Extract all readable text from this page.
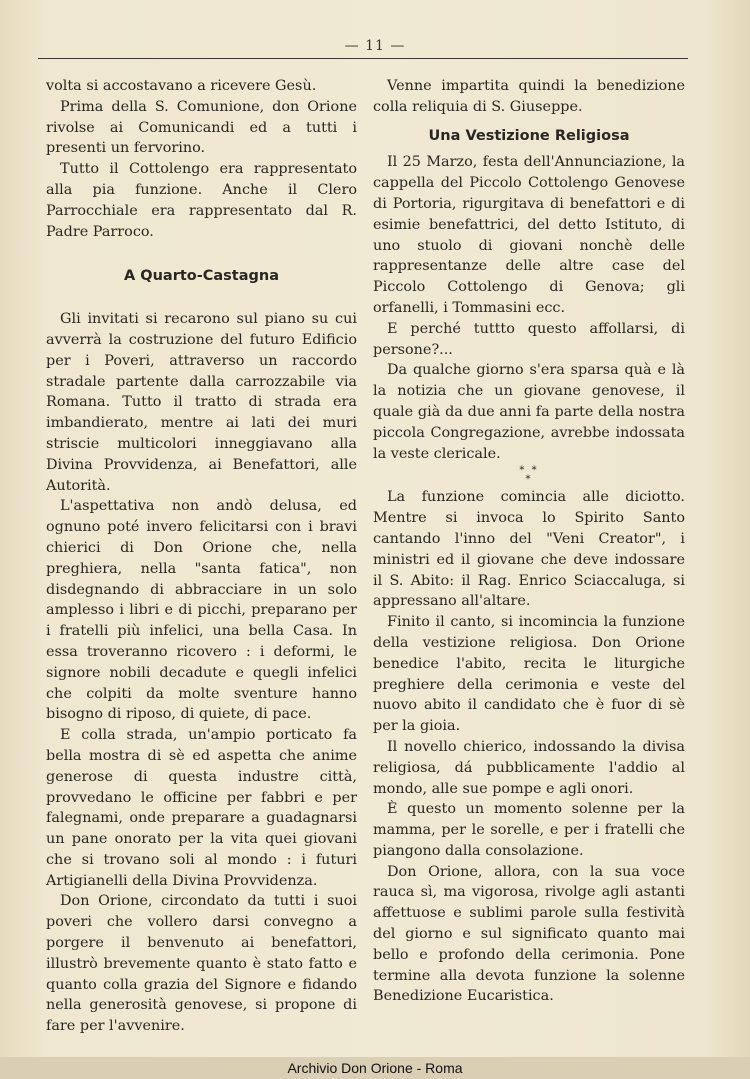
— 11 —

volta si accostavano a ricevere Gesù.

Prima della S. Comunione, don Orione rivolse ai Comunicandi ed a tutti i presenti un fervorino.

Tutto il Cottolengo era rappresentato alla pia funzione. Anche il Clero Parrocchiale era rappresentato dal R. Padre Parroco.

A Quarto-Castagna

Gli invitati si recarono sul piano su cui avverrà la costruzione del futuro Edificio per i Poveri, attraverso un raccordo stradale partente dalla carrozzabile via Romana. Tutto il tratto di strada era imbandierato, mentre ai lati dei muri striscie multicolori inneggiavano alla Divina Provvidenza, ai Benefattori, alle Autorità.

L'aspettativa non andò delusa, ed ognuno poté invero felicitarsi con i bravi chierici di Don Orione che, nella preghiera, nella "santa fatica", non disdegnando di abbracciare in un solo amplesso i libri e di picchi, preparano per i fratelli più infelici, una bella Casa. In essa troveranno ricovero : i deformi, le signore nobili decadute e quegli infelici che colpiti da molte sventure hanno bisogno di riposo, di quiete, di pace.

E colla strada, un'ampio porticato fa bella mostra di sè ed aspetta che anime generose di questa industre città, provvedano le officine per fabbri e per falegnami, onde preparare a guadagnarsi un pane onorato per la vita quei giovani che si trovano soli al mondo : i futuri Artigianelli della Divina Provvidenza.

Don Orione, circondato da tutti i suoi poveri che vollero darsi convegno a porgere il benvenuto ai benefattori, illustrò brevemente quanto è stato fatto e quanto colla grazia del Signore e fidando nella generosità genovese, si propone di fare per l'avvenire.

Venne impartita quindi la benedizione colla reliquia di S. Giuseppe.

Una Vestizione Religiosa

Il 25 Marzo, festa dell'Annunciazione, la cappella del Piccolo Cottolengo Genovese di Portoria, rigurgitava di benefattori e di esimie benefattrici, del detto Istituto, di uno stuolo di giovani nonchè delle rappresentanze delle altre case del Piccolo Cottolengo di Genova; gli orfanelli, i Tommasini ecc.

E perché tuttto questo affollarsi, di persone?...

Da qualche giorno s'era sparsa quà e là la notizia che un giovane genovese, il quale già da due anni fa parte della nostra piccola Congregazione, avrebbe indossata la veste clericale.

* *
*

La funzione comincia alle diciotto. Mentre si invoca lo Spirito Santo cantando l'inno del "Veni Creator", i ministri ed il giovane che deve indossare il S. Abito: il Rag. Enrico Sciaccaluga, si appressano all'altare.

Finito il canto, si incomincia la funzione della vestizione religiosa. Don Orione benedice l'abito, recita le liturgiche preghiere della cerimonia e veste del nuovo abito il candidato che è fuor di sè per la gioia.

Il novello chierico, indossando la divisa religiosa, dá pubblicamente l'addio al mondo, alle sue pompe e agli onori.

È questo un momento solenne per la mamma, per le sorelle, e per i fratelli che piangono dalla consolazione.

Don Orione, allora, con la sua voce rauca sì, ma vigorosa, rivolge agli astanti affettuose e sublimi parole sulla festività del giorno e sul significato quanto mai bello e profondo della cerimonia. Pone termine alla devota funzione la solenne Benedizione Eucaristica.

Archivio Don Orione - Roma
